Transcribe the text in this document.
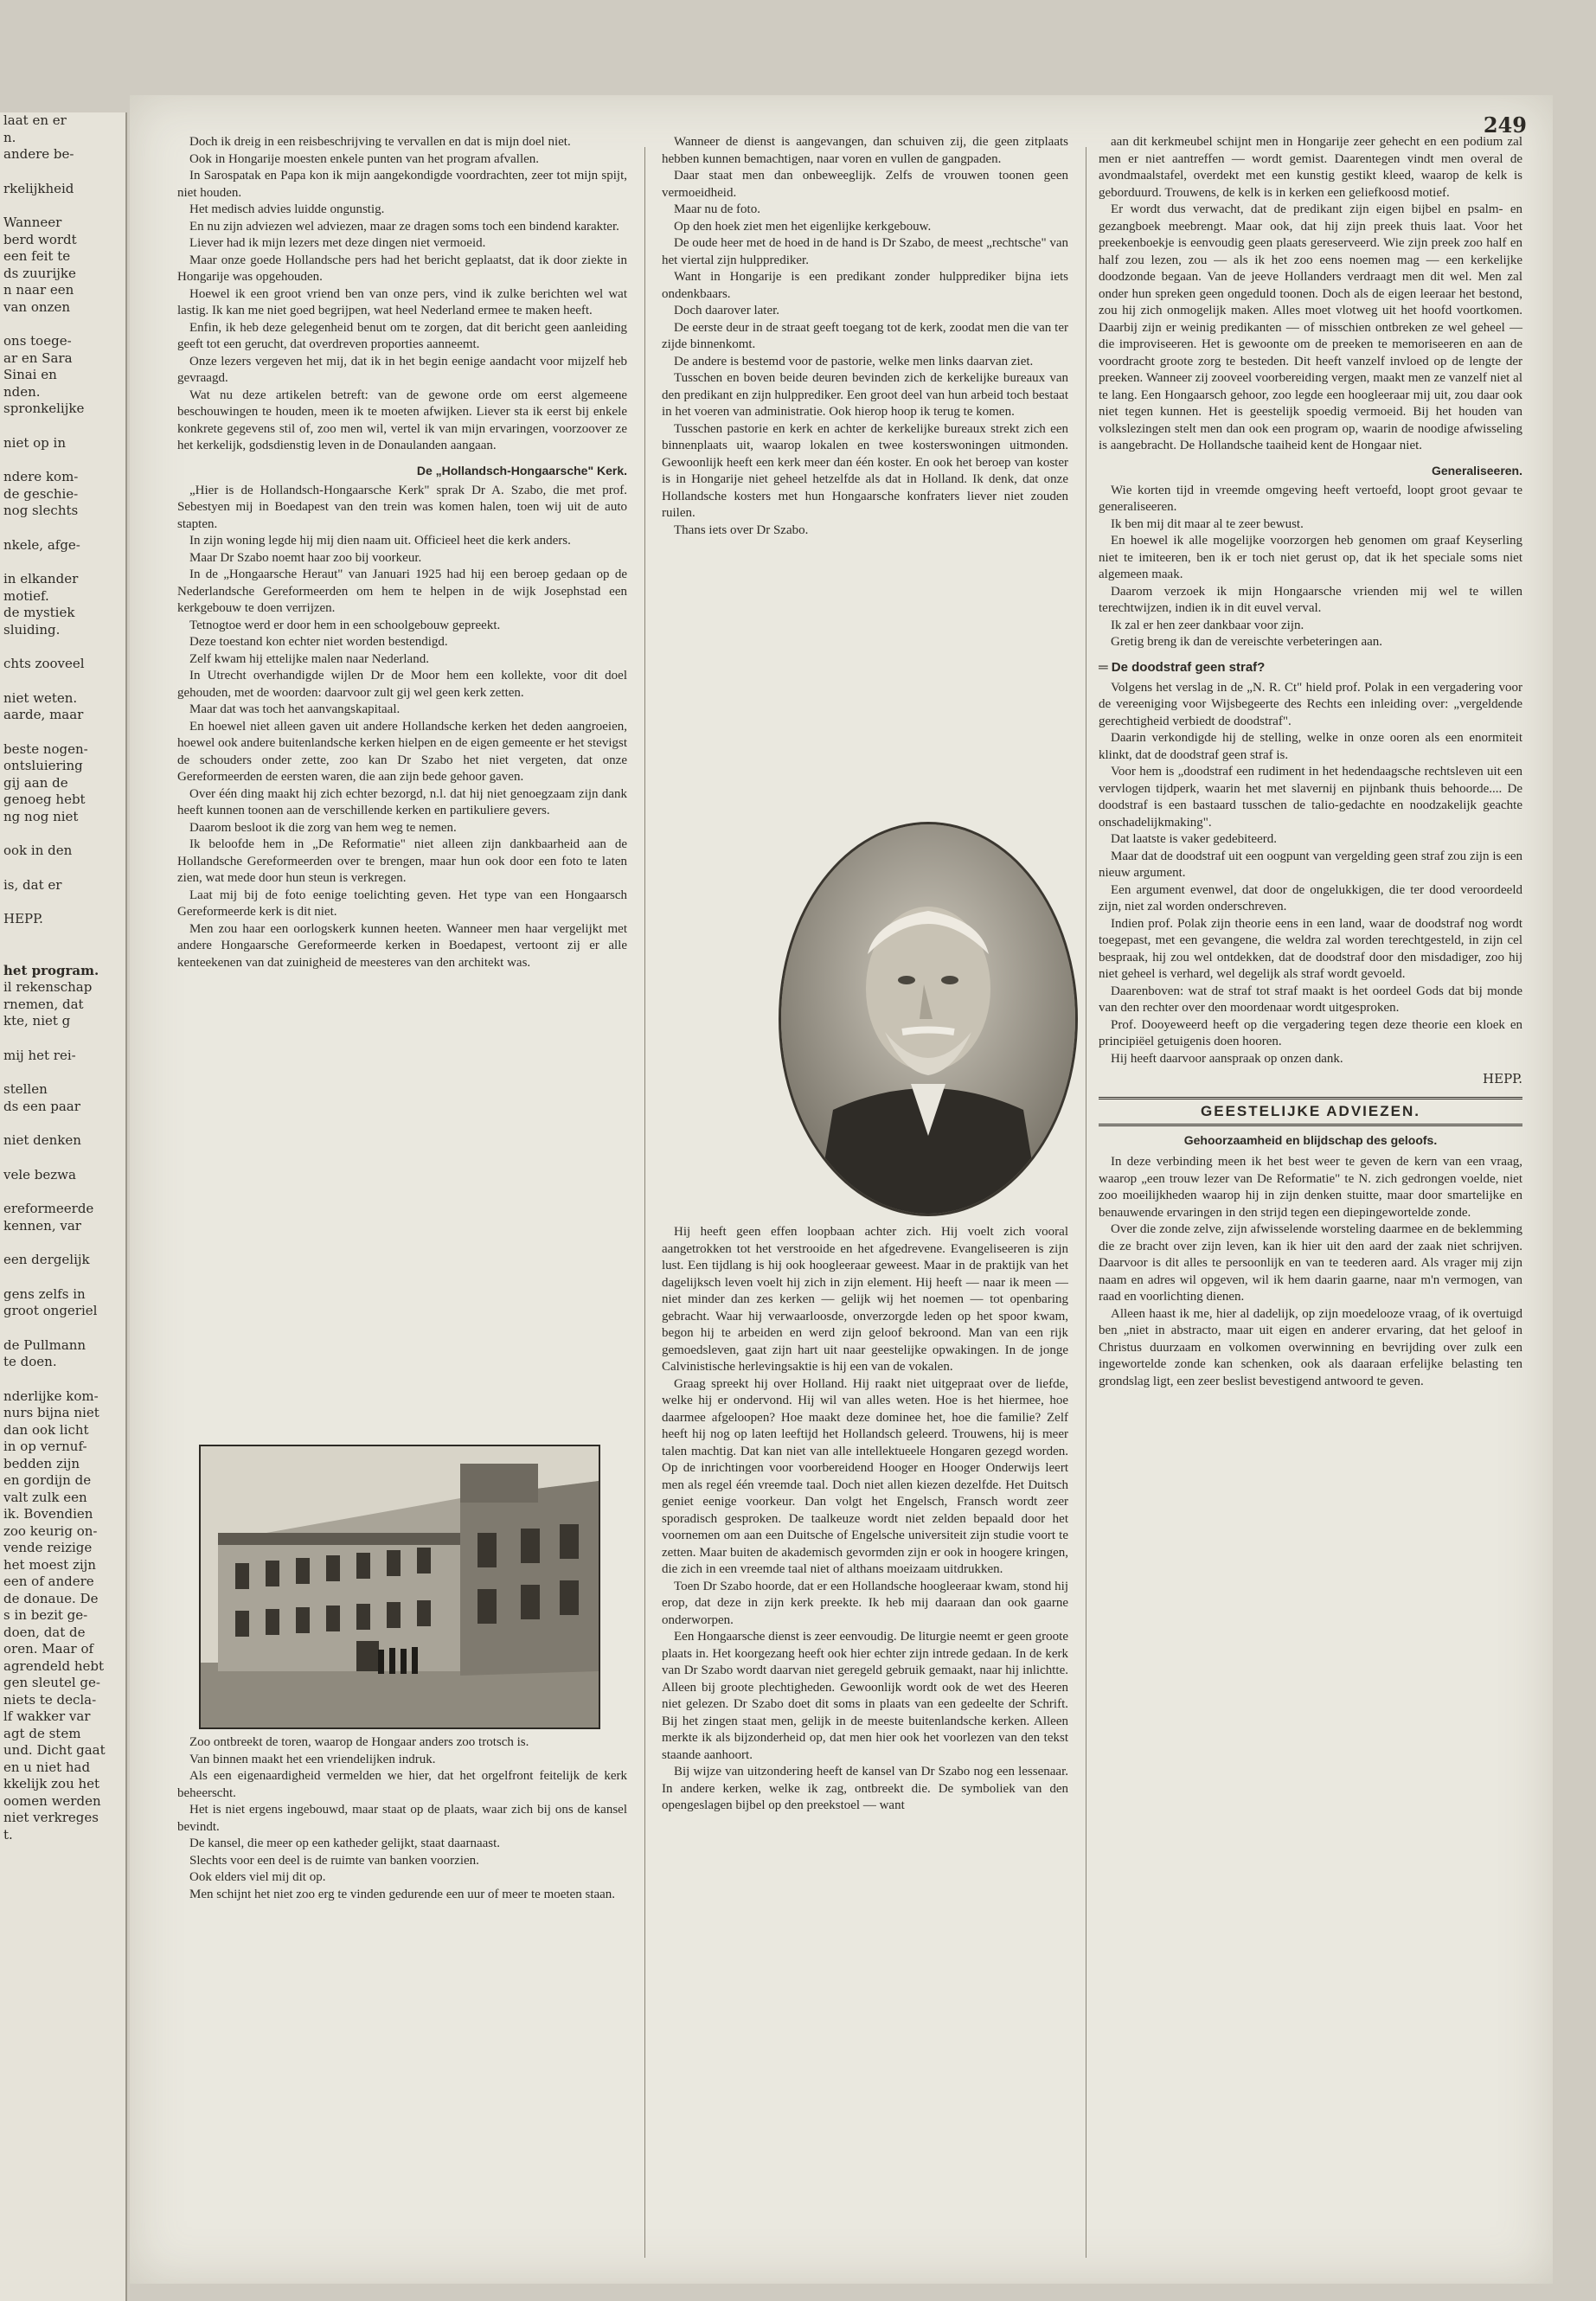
laat en er

n.

andere be-

rkelijkheid

Wanneer

berd wordt

een feit te

ds zuurijke

n naar een

van onzen

ons toege-

ar en Sara

Sinai en

nden.

spronkelijke

niet op in

ndere kom-

de geschie-

nog slechts

nkele, afge-

in elkander

motief.

de mystiek

sluiding.

chts zooveel

niet weten.

aarde, maar

beste nogen-

ontsluiering

gij aan de

genoeg hebt

ng nog niet

ook in den

is, dat er

HEPP.

het program.

il rekenschap

rnemen, dat

kte, niet g

mij het rei-

stellen

ds een paar

niet denken

vele bezwa

ereformeerde

kennen, var

een dergelijk

gens zelfs in

groot ongeriel

de Pullmann

te doen.

nderlijke kom-

nurs bijna niet

dan ook licht

in op vernuf-

bedden zijn

en gordijn de

valt zulk een

ik. Bovendien

zoo keurig on-

vende reizige

het moest zijn

een of andere

de donaue. De

s in bezit ge-

doen, dat de

oren. Maar of

agrendeld hebt

gen sleutel ge-

niets te decla-

lf wakker var

agt de stem

und. Dicht gaat

en u niet had

kkelijk zou het

oomen werden

niet verkreges

t.

249

Doch ik dreig in een reisbeschrijving te vervallen en dat is mijn doel niet.

Ook in Hongarije moesten enkele punten van het program afvallen.

In Sarospatak en Papa kon ik mijn aangekondigde voordrachten, zeer tot mijn spijt, niet houden.

Het medisch advies luidde ongunstig.

En nu zijn adviezen wel adviezen, maar ze dragen soms toch een bindend karakter.

Liever had ik mijn lezers met deze dingen niet vermoeid.

Maar onze goede Hollandsche pers had het bericht geplaatst, dat ik door ziekte in Hongarije was opgehouden.

Hoewel ik een groot vriend ben van onze pers, vind ik zulke berichten wel wat lastig. Ik kan me niet goed begrijpen, wat heel Nederland ermee te maken heeft.

Enfin, ik heb deze gelegenheid benut om te zorgen, dat dit bericht geen aanleiding geeft tot een gerucht, dat overdreven proporties aanneemt.

Onze lezers vergeven het mij, dat ik in het begin eenige aandacht voor mijzelf heb gevraagd.

Wat nu deze artikelen betreft: van de gewone orde om eerst algemeene beschouwingen te houden, meen ik te moeten afwijken. Liever sta ik eerst bij enkele konkrete gegevens stil of, zoo men wil, vertel ik van mijn ervaringen, voorzoover ze het kerkelijk, godsdienstig leven in de Donaulanden aangaan.

De „Hollandsch-Hongaarsche" Kerk.

„Hier is de Hollandsch-Hongaarsche Kerk" sprak Dr A. Szabo, die met prof. Sebestyen mij in Boedapest van den trein was komen halen, toen wij uit de auto stapten.

In zijn woning legde hij mij dien naam uit. Officieel heet die kerk anders.

Maar Dr Szabo noemt haar zoo bij voorkeur.

In de „Hongaarsche Heraut" van Januari 1925 had hij een beroep gedaan op de Nederlandsche Gereformeerden om hem te helpen in de wijk Josephstad een kerkgebouw te doen verrijzen.

Tetnogtoe werd er door hem in een schoolgebouw gepreekt.

Deze toestand kon echter niet worden bestendigd.

Zelf kwam hij ettelijke malen naar Nederland.

In Utrecht overhandigde wijlen Dr de Moor hem een kollekte, voor dit doel gehouden, met de woorden: daarvoor zult gij wel geen kerk zetten.

Maar dat was toch het aanvangskapitaal.

En hoewel niet alleen gaven uit andere Hollandsche kerken het deden aangroeien, hoewel ook andere buitenlandsche kerken hielpen en de eigen gemeente er het stevigst de schouders onder zette, zoo kan Dr Szabo het niet vergeten, dat onze Gereformeerden de eersten waren, die aan zijn bede gehoor gaven.

Over één ding maakt hij zich echter bezorgd, n.l. dat hij niet genoegzaam zijn dank heeft kunnen toonen aan de verschillende kerken en partikuliere gevers.

Daarom besloot ik die zorg van hem weg te nemen.

Ik beloofde hem in „De Reformatie" niet alleen zijn dankbaarheid aan de Hollandsche Gereformeerden over te brengen, maar hun ook door een foto te laten zien, wat mede door hun steun is verkregen.

Laat mij bij de foto eenige toelichting geven. Het type van een Hongaarsch Gereformeerde kerk is dit niet.

Men zou haar een oorlogskerk kunnen heeten. Wanneer men haar vergelijkt met andere Hongaarsche Gereformeerde kerken in Boedapest, vertoont zij er alle kenteekenen van dat zuinigheid de meesteres van den architekt was.

Zoo ontbreekt de toren, waarop de Hongaar anders zoo trotsch is.

Van binnen maakt het een vriendelijken indruk.

Als een eigenaardigheid vermelden we hier, dat het orgelfront feitelijk de kerk beheerscht.

Het is niet ergens ingebouwd, maar staat op de plaats, waar zich bij ons de kansel bevindt.

De kansel, die meer op een katheder gelijkt, staat daarnaast.

Slechts voor een deel is de ruimte van banken voorzien.

Ook elders viel mij dit op.

Men schijnt het niet zoo erg te vinden gedurende een uur of meer te moeten staan.

Wanneer de dienst is aangevangen, dan schuiven zij, die geen zitplaats hebben kunnen bemachtigen, naar voren en vullen de gangpaden.

Daar staat men dan onbeweeglijk. Zelfs de vrouwen toonen geen vermoeidheid.

Maar nu de foto.

Op den hoek ziet men het eigenlijke kerkgebouw.

De oude heer met de hoed in de hand is Dr Szabo, de meest „rechtsche" van het viertal zijn hulpprediker.

Want in Hongarije is een predikant zonder hulpprediker bijna iets ondenkbaars.

Doch daarover later.

De eerste deur in de straat geeft toegang tot de kerk, zoodat men die van ter zijde binnenkomt.

De andere is bestemd voor de pastorie, welke men links daarvan ziet.

Tusschen en boven beide deuren bevinden zich de kerkelijke bureaux van den predikant en zijn hulpprediker. Een groot deel van hun arbeid toch bestaat in het voeren van administratie. Ook hierop hoop ik terug te komen.

Tusschen pastorie en kerk en achter de kerkelijke bureaux strekt zich een binnenplaats uit, waarop lokalen en twee kosterswoningen uitmonden. Gewoonlijk heeft een kerk meer dan één koster. En ook het beroep van koster is in Hongarije niet geheel hetzelfde als dat in Holland. Ik denk, dat onze Hollandsche kosters met hun Hongaarsche konfraters liever niet zouden ruilen.

Thans iets over Dr Szabo.

Hij heeft geen effen loopbaan achter zich. Hij voelt zich vooral aangetrokken tot het verstrooide en het afgedrevene. Evangeliseeren is zijn lust. Een tijdlang is hij ook hoogleeraar geweest. Maar in de praktijk van het dagelijksch leven voelt hij zich in zijn element. Hij heeft — naar ik meen — niet minder dan zes kerken — gelijk wij het noemen — tot openbaring gebracht. Waar hij verwaarloosde, onverzorgde leden op het spoor kwam, begon hij te arbeiden en werd zijn geloof bekroond. Man van een rijk gemoedsleven, gaat zijn hart uit naar geestelijke opwakingen. In de jonge Calvinistische herlevingsaktie is hij een van de vokalen.

Graag spreekt hij over Holland. Hij raakt niet uitgepraat over de liefde, welke hij er ondervond. Hij wil van alles weten. Hoe is het hiermee, hoe daarmee afgeloopen? Hoe maakt deze dominee het, hoe die familie? Zelf heeft hij nog op laten leeftijd het Hollandsch geleerd. Trouwens, hij is meer talen machtig. Dat kan niet van alle intellektueele Hongaren gezegd worden. Op de inrichtingen voor voorbereidend Hooger en Hooger Onderwijs leert men als regel één vreemde taal. Doch niet allen kiezen dezelfde. Het Duitsch geniet eenige voorkeur. Dan volgt het Engelsch, Fransch wordt zeer sporadisch gesproken. De taalkeuze wordt niet zelden bepaald door het voornemen om aan een Duitsche of Engelsche universiteit zijn studie voort te zetten. Maar buiten de akademisch gevormden zijn er ook in hoogere kringen, die zich in een vreemde taal niet of althans moeizaam uitdrukken.

Toen Dr Szabo hoorde, dat er een Hollandsche hoogleeraar kwam, stond hij erop, dat deze in zijn kerk preekte. Ik heb mij daaraan dan ook gaarne onderworpen.

Een Hongaarsche dienst is zeer eenvoudig. De liturgie neemt er geen groote plaats in. Het koorgezang heeft ook hier echter zijn intrede gedaan. In de kerk van Dr Szabo wordt daarvan niet geregeld gebruik gemaakt, naar hij inlichtte. Alleen bij groote plechtigheden. Gewoonlijk wordt ook de wet des Heeren niet gelezen. Dr Szabo doet dit soms in plaats van een gedeelte der Schrift. Bij het zingen staat men, gelijk in de meeste buitenlandsche kerken. Alleen merkte ik als bijzonderheid op, dat men hier ook het voorlezen van den tekst staande aanhoort.

Bij wijze van uitzondering heeft de kansel van Dr Szabo nog een lessenaar. In andere kerken, welke ik zag, ontbreekt die. De symboliek van den opengeslagen bijbel op den preekstoel — want

aan dit kerkmeubel schijnt men in Hongarije zeer gehecht en een podium zal men er niet aantreffen — wordt gemist. Daarentegen vindt men overal de avondmaalstafel, overdekt met een kunstig gestikt kleed, waarop de kelk is geborduurd. Trouwens, de kelk is in kerken een geliefkoosd motief.

Er wordt dus verwacht, dat de predikant zijn eigen bijbel en psalm- en gezangboek meebrengt. Maar ook, dat hij zijn preek thuis laat. Voor het preekenboekje is eenvoudig geen plaats gereserveerd. Wie zijn preek zoo half en half zou lezen, zou — als ik het zoo eens noemen mag — een kerkelijke doodzonde begaan. Van de jeeve Hollanders verdraagt men dit wel. Men zal onder hun spreken geen ongeduld toonen. Doch als de eigen leeraar het bestond, zou hij zich onmogelijk maken. Alles moet vlotweg uit het hoofd voortkomen. Daarbij zijn er weinig predikanten — of misschien ontbreken ze wel geheel — die improviseeren. Het is gewoonte om de preeken te memoriseeren en aan de voordracht groote zorg te besteden. Dit heeft vanzelf invloed op de lengte der preeken. Wanneer zij zooveel voorbereiding vergen, maakt men ze vanzelf niet al te lang. Een Hongaarsch gehoor, zoo legde een hoogleeraar mij uit, zou daar ook niet tegen kunnen. Het is geestelijk spoedig vermoeid. Bij het houden van volkslezingen stelt men dan ook een program op, waarin de noodige afwisseling is aangebracht. De Hollandsche taaiheid kent de Hongaar niet.

Generaliseeren.

Wie korten tijd in vreemde omgeving heeft vertoefd, loopt groot gevaar te generaliseeren.

Ik ben mij dit maar al te zeer bewust.

En hoewel ik alle mogelijke voorzorgen heb genomen om graaf Keyserling niet te imiteeren, ben ik er toch niet gerust op, dat ik het speciale soms niet algemeen maak.

Daarom verzoek ik mijn Hongaarsche vrienden mij wel te willen terechtwijzen, indien ik in dit euvel verval.

Ik zal er hen zeer dankbaar voor zijn.

Gretig breng ik dan de vereischte verbeteringen aan.

═ De doodstraf geen straf?

Volgens het verslag in de „N. R. Ct" hield prof. Polak in een vergadering voor de vereeniging voor Wijsbegeerte des Rechts een inleiding over: „vergeldende gerechtigheid verbiedt de doodstraf".

Daarin verkondigde hij de stelling, welke in onze ooren als een enormiteit klinkt, dat de doodstraf geen straf is.

Voor hem is „doodstraf een rudiment in het hedendaagsche rechtsleven uit een vervlogen tijdperk, waarin het met slavernij en pijnbank thuis behoorde.... De doodstraf is een bastaard tusschen de talio-gedachte en noodzakelijk geachte onschadelijkmaking".

Dat laatste is vaker gedebiteerd.

Maar dat de doodstraf uit een oogpunt van vergelding geen straf zou zijn is een nieuw argument.

Een argument evenwel, dat door de ongelukkigen, die ter dood veroordeeld zijn, niet zal worden onderschreven.

Indien prof. Polak zijn theorie eens in een land, waar de doodstraf nog wordt toegepast, met een gevangene, die weldra zal worden terechtgesteld, in zijn cel bespraak, hij zou wel ontdekken, dat de doodstraf door den misdadiger, zoo hij niet geheel is verhard, wel degelijk als straf wordt gevoeld.

Daarenboven: wat de straf tot straf maakt is het oordeel Gods dat bij monde van den rechter over den moordenaar wordt uitgesproken.

Prof. Dooyeweerd heeft op die vergadering tegen deze theorie een kloek en principiëel getuigenis doen hooren.

Hij heeft daarvoor aanspraak op onzen dank.

HEPP.
GEESTELIJKE ADVIEZEN.
Gehoorzaamheid en blijdschap des geloofs.

In deze verbinding meen ik het best weer te geven de kern van een vraag, waarop „een trouw lezer van De Reformatie" te N. zich gedrongen voelde, niet zoo moeilijkheden waarop hij in zijn denken stuitte, maar door smartelijke en benauwende ervaringen in den strijd tegen een diepingewortelde zonde.

Over die zonde zelve, zijn afwisselende worsteling daarmee en de beklemming die ze bracht over zijn leven, kan ik hier uit den aard der zaak niet schrijven. Daarvoor is dit alles te persoonlijk en van te teederen aard. Als vrager mij zijn naam en adres wil opgeven, wil ik hem daarin gaarne, naar m'n vermogen, van raad en voorlichting dienen.

Alleen haast ik me, hier al dadelijk, op zijn moedelooze vraag, of ik overtuigd ben „niet in abstracto, maar uit eigen en anderer ervaring, dat het geloof in Christus duurzaam en volkomen overwinning en bevrijding over zulk een ingewortelde zonde kan schenken, ook als daaraan erfelijke belasting ten grondslag ligt, een zeer beslist bevestigend antwoord te geven.
